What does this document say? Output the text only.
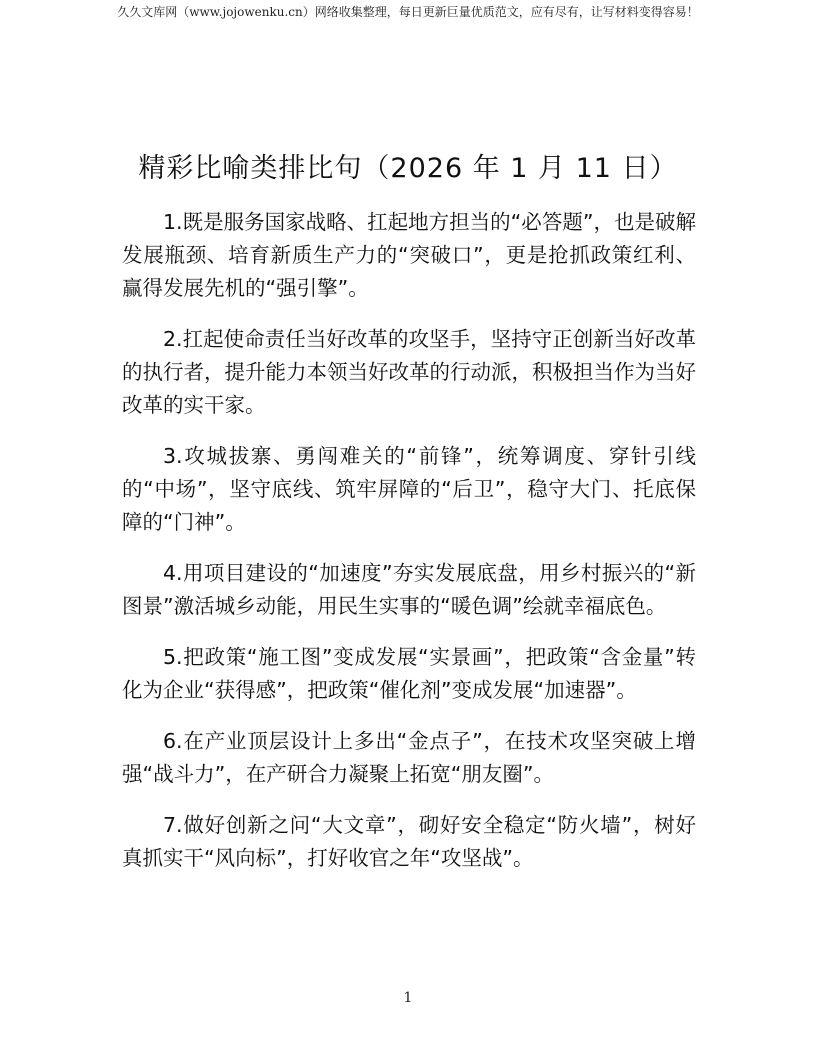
久久文库网（www.jojowenku.cn）网络收集整理，每日更新巨量优质范文，应有尽有，让写材料变得容易！
精彩比喻类排比句（2026 年 1 月 11 日）

1.既是服务国家战略、扛起地方担当的“必答题”，也是破解发展瓶颈、培育新质生产力的“突破口”，更是抢抓政策红利、赢得发展先机的“强引擎”。

2.扛起使命责任当好改革的攻坚手，坚持守正创新当好改革的执行者，提升能力本领当好改革的行动派，积极担当作为当好改革的实干家。

3.攻城拔寨、勇闯难关的“前锋”，统筹调度、穿针引线的“中场”，坚守底线、筑牢屏障的“后卫”，稳守大门、托底保障的“门神”。

4.用项目建设的“加速度”夯实发展底盘，用乡村振兴的“新图景”激活城乡动能，用民生实事的“暖色调”绘就幸福底色。

5.把政策“施工图”变成发展“实景画”，把政策“含金量”转化为企业“获得感”，把政策“催化剂”变成发展“加速器”。

6.在产业顶层设计上多出“金点子”，在技术攻坚突破上增强“战斗力”，在产研合力凝聚上拓宽“朋友圈”。

7.做好创新之问“大文章”，砌好安全稳定“防火墙”，树好真抓实干“风向标”，打好收官之年“攻坚战”。

1
